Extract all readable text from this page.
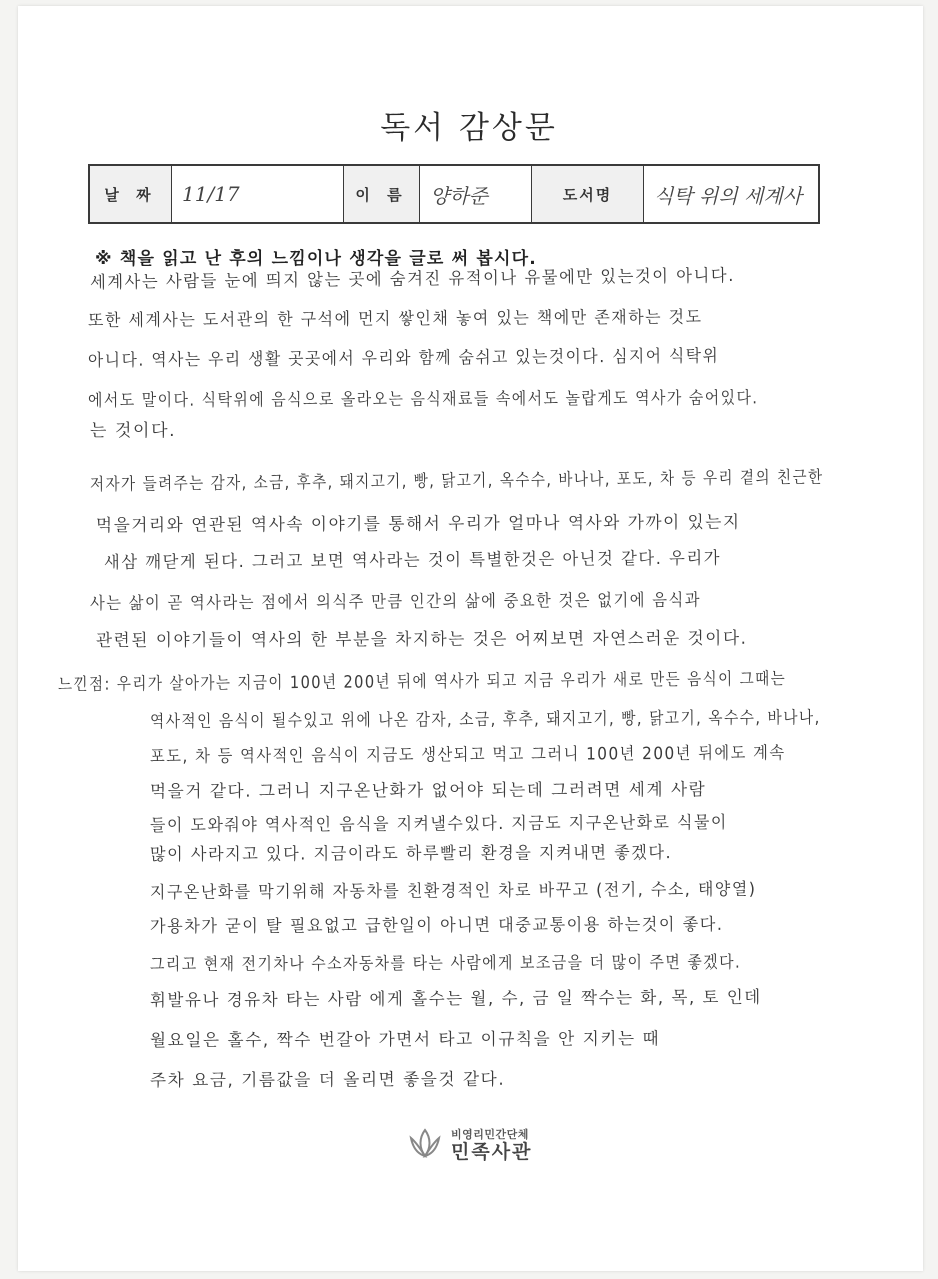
독서 감상문
날 짜	11/17	이 름	양하준	도서명	식탁 위의 세계사
※ 책을 읽고 난 후의 느낌이나 생각을 글로 써 봅시다.
세계사는 사람들 눈에 띄지 않는 곳에 숨겨진 유적이나 유물에만 있는것이 아니다.
또한 세계사는 도서관의 한 구석에 먼지 쌓인채 놓여 있는 책에만 존재하는 것도
아니다. 역사는 우리 생활 곳곳에서 우리와 함께 숨쉬고 있는것이다. 심지어 식탁위
에서도 말이다. 식탁위에 음식으로 올라오는 음식재료들 속에서도 놀랍게도 역사가 숨어있다.
는 것이다.
저자가 들려주는 감자, 소금, 후추, 돼지고기, 빵, 닭고기, 옥수수, 바나나, 포도, 차 등 우리 곁의 친근한
먹을거리와 연관된 역사속 이야기를 통해서 우리가 얼마나 역사와 가까이 있는지
새삼 깨닫게 된다. 그러고 보면 역사라는 것이 특별한것은 아닌것 같다. 우리가
사는 삶이 곧 역사라는 점에서 의식주 만큼 인간의 삶에 중요한 것은 없기에 음식과
관련된 이야기들이 역사의 한 부분을 차지하는 것은 어찌보면 자연스러운 것이다.
느낀점: 우리가 살아가는 지금이 100년 200년 뒤에 역사가 되고 지금 우리가 새로 만든 음식이 그때는
역사적인 음식이 될수있고 위에 나온 감자, 소금, 후추, 돼지고기, 빵, 닭고기, 옥수수, 바나나,
포도, 차 등 역사적인 음식이 지금도 생산되고 먹고 그러니 100년 200년 뒤에도 계속
먹을거 같다. 그러니 지구온난화가 없어야 되는데 그러려면 세계 사람
들이 도와줘야 역사적인 음식을 지켜낼수있다. 지금도 지구온난화로 식물이
많이 사라지고 있다. 지금이라도 하루빨리 환경을 지켜내면 좋겠다.
지구온난화를 막기위해 자동차를 친환경적인 차로 바꾸고 (전기, 수소, 태양열)
가용차가 굳이 탈 필요없고 급한일이 아니면 대중교통이용 하는것이 좋다.
그리고 현재 전기차나 수소자동차를 타는 사람에게 보조금을 더 많이 주면 좋겠다.
휘발유나 경유차 타는 사람 에게 홀수는 월, 수, 금 일 짝수는 화, 목, 토 인데
월요일은 홀수, 짝수 번갈아 가면서 타고 이규칙을 안 지키는 때
주차 요금, 기름값을 더 올리면 좋을것 같다.
비영리민간단체
민족사관
